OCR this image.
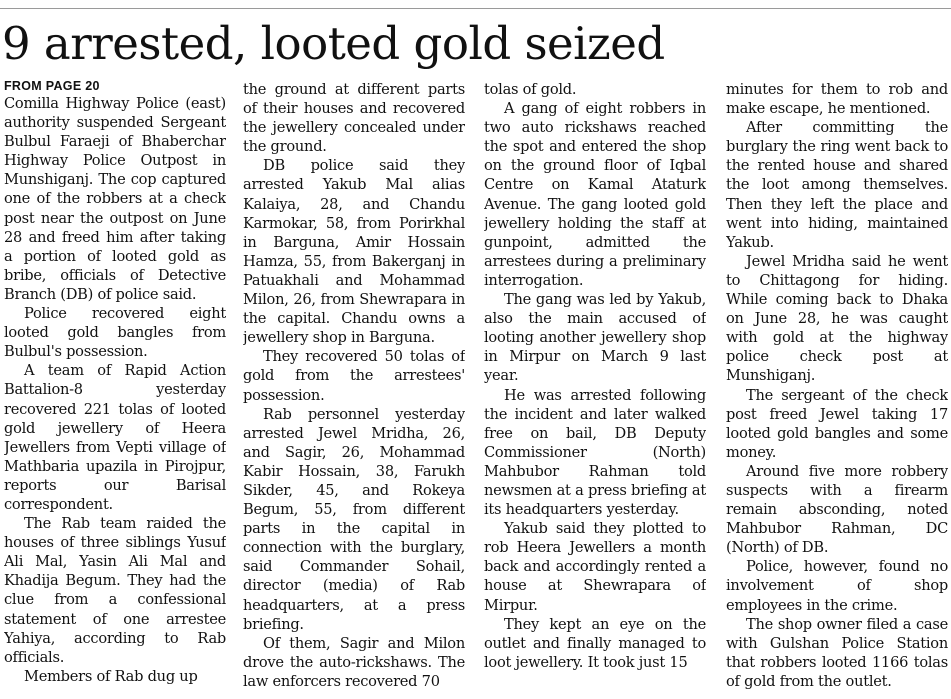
9 arrested, looted gold seized
FROM PAGE 20

Comilla Highway Police (east) authority suspended Sergeant Bulbul Faraeji of Bhaberchar Highway Police Outpost in Munshiganj. The cop captured one of the robbers at a check post near the outpost on June 28 and freed him after taking a portion of looted gold as bribe, officials of Detective Branch (DB) of police said.

Police recovered eight looted gold bangles from Bulbul's possession.

A team of Rapid Action Battalion-8 yesterday recovered 221 tolas of looted gold jewellery of Heera Jewellers from Vepti village of Mathbaria upazila in Pirojpur, reports our Barisal correspondent.

The Rab team raided the houses of three siblings Yusuf Ali Mal, Yasin Ali Mal and Khadija Begum. They had the clue from a confessional statement of one arrestee Yahiya, according to Rab officials.

Members of Rab dug up

the ground at different parts of their houses and recovered the jewellery concealed under the ground.

DB police said they arrested Yakub Mal alias Kalaiya, 28, and Chandu Karmokar, 58, from Porirkhal in Barguna, Amir Hossain Hamza, 55, from Bakerganj in Patuakhali and Mohammad Milon, 26, from Shewrapara in the capital. Chandu owns a jewellery shop in Barguna.

They recovered 50 tolas of gold from the arrestees' possession.

Rab personnel yesterday arrested Jewel Mridha, 26, and Sagir, 26, Mohammad Kabir Hossain, 38, Farukh Sikder, 45, and Rokeya Begum, 55, from different parts in the capital in connection with the burglary, said Commander Sohail, director (media) of Rab headquarters, at a press briefing.

Of them, Sagir and Milon drove the auto-rickshaws. The law enforcers recovered 70

tolas of gold.

A gang of eight robbers in two auto rickshaws reached the spot and entered the shop on the ground floor of Iqbal Centre on Kamal Ataturk Avenue. The gang looted gold jewellery holding the staff at gunpoint, admitted the arrestees during a preliminary interrogation.

The gang was led by Yakub, also the main accused of looting another jewellery shop in Mirpur on March 9 last year.

He was arrested following the incident and later walked free on bail, DB Deputy Commissioner (North) Mahbubor Rahman told newsmen at a press briefing at its headquarters yesterday.

Yakub said they plotted to rob Heera Jewellers a month back and accordingly rented a house at Shewrapara of Mirpur.

They kept an eye on the outlet and finally managed to loot jewellery. It took just 15

minutes for them to rob and make escape, he mentioned.

After committing the burglary the ring went back to the rented house and shared the loot among themselves. Then they left the place and went into hiding, maintained Yakub.

Jewel Mridha said he went to Chittagong for hiding. While coming back to Dhaka on June 28, he was caught with gold at the highway police check post at Munshiganj.

The sergeant of the check post freed Jewel taking 17 looted gold bangles and some money.

Around five more robbery suspects with a firearm remain absconding, noted Mahbubor Rahman, DC (North) of DB.

Police, however, found no involvement of shop employees in the crime.

The shop owner filed a case with Gulshan Police Station that robbers looted 1166 tolas of gold from the outlet.
